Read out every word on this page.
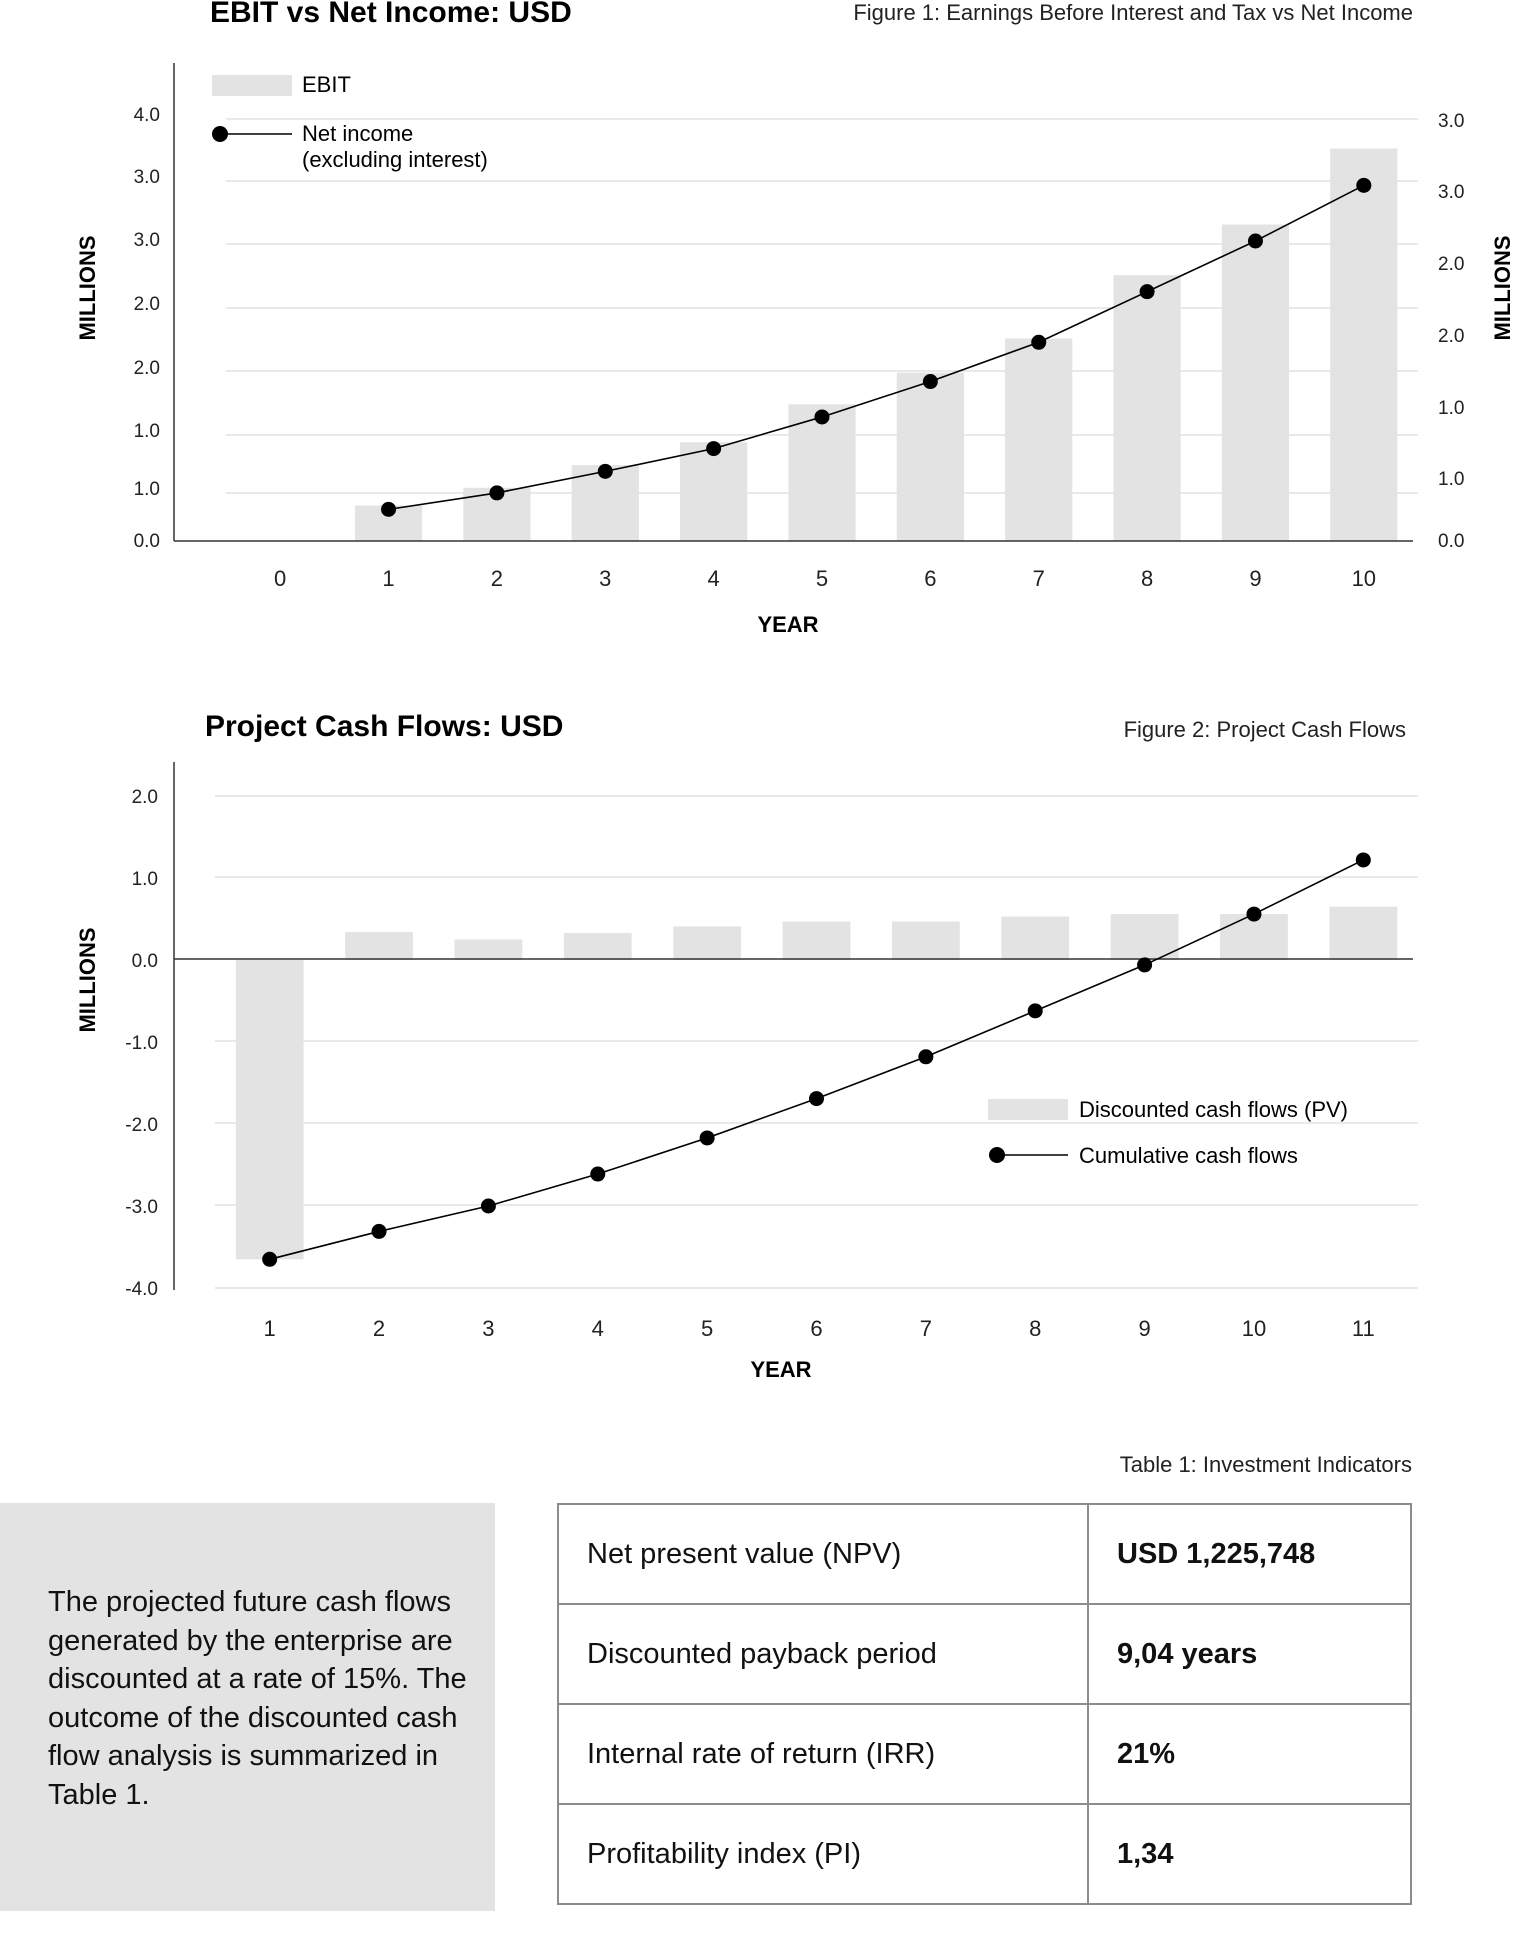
EBIT vs Net Income: USD	Figure 1: Earnings Before Interest and Tax vs Net Income
0.0
1.0
1.0
2.0
2.0
3.0
3.0
4.0
0.0
1.0
1.0
2.0
2.0
3.0
3.0
0	1	2	3	4	5	6	7	8	9	10
MILLIONS	MILLIONS
YEAR
EBIT
Net income
(excluding interest)
Project Cash Flows: USD	Figure 2: Project Cash Flows
2.0
1.0
0.0
-1.0
-2.0
-3.0
-4.0
1	2	3	4	5	6	7	8	9	10	11
MILLIONS
YEAR
Discounted cash flows (PV)
Cumulative cash flows

The projected future cash flows generated by the enterprise are discounted at a rate of 15%. The outcome of the discounted cash flow analysis is summarized in Table 1.

Table 1: Investment Indicators
Net present value (NPV)	USD 1,225,748
Discounted payback period	9,04 years
Internal rate of return (IRR)	21%
Profitability index (PI)	1,34
